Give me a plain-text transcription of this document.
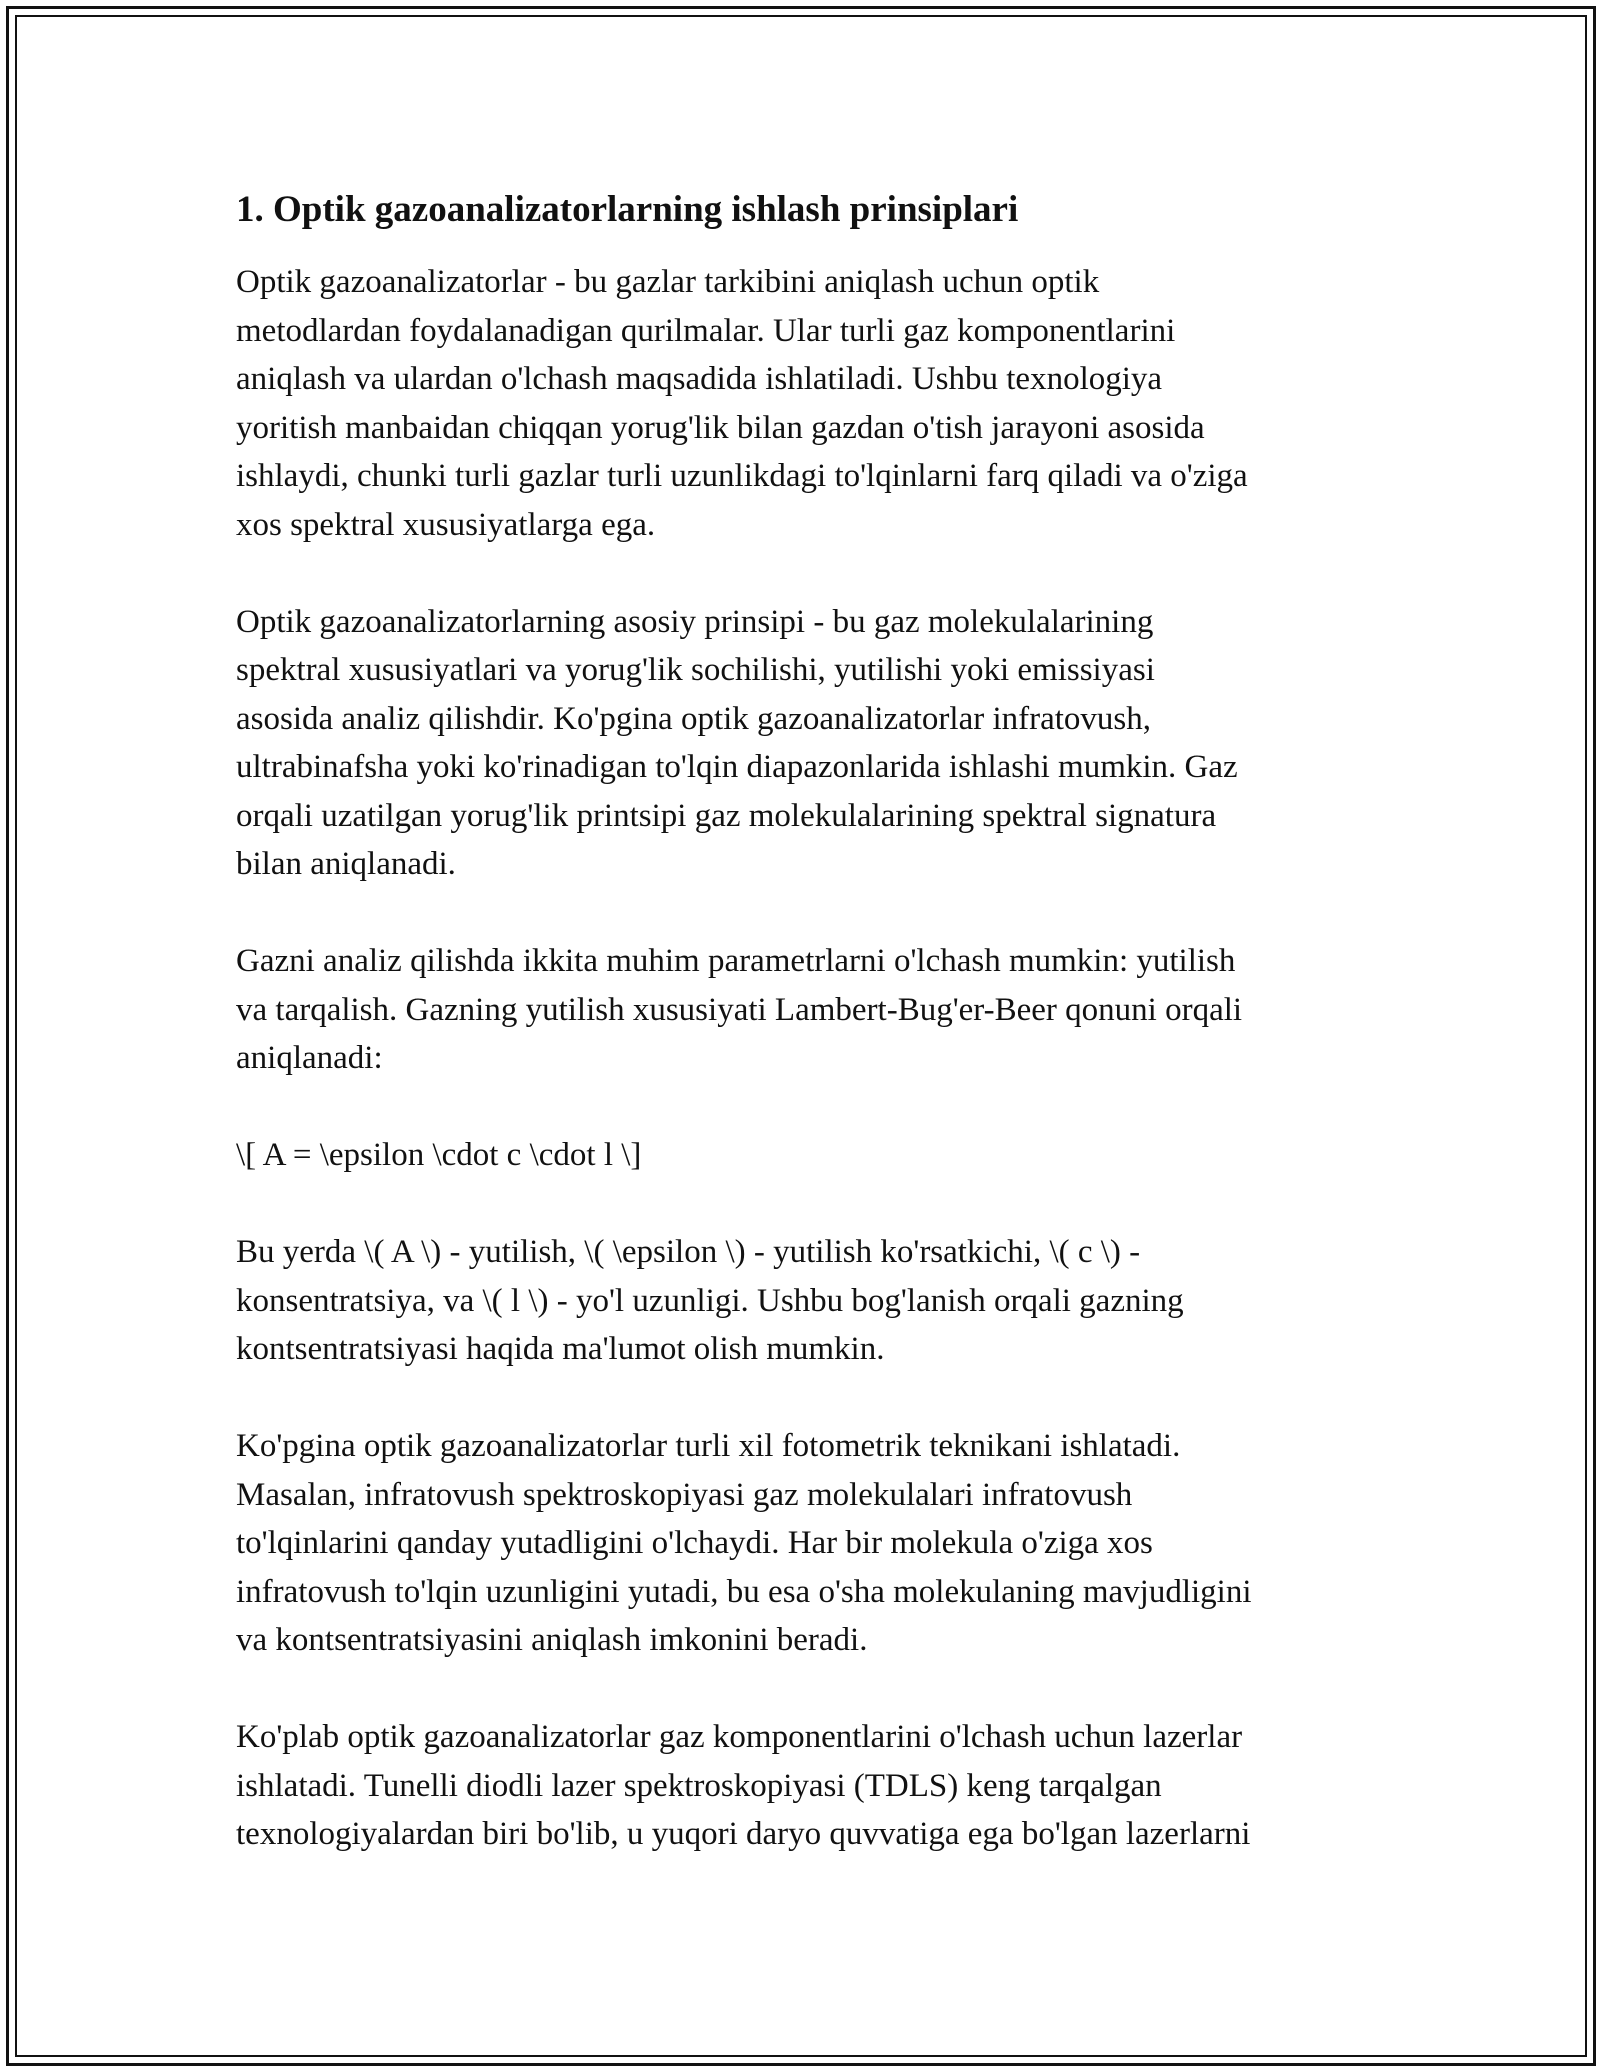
1. Optik gazoanalizatorlarning ishlash prinsiplari

Optik gazoanalizatorlar - bu gazlar tarkibini aniqlash uchun optik
metodlardan foydalanadigan qurilmalar. Ular turli gaz komponentlarini
aniqlash va ulardan o'lchash maqsadida ishlatiladi. Ushbu texnologiya
yoritish manbaidan chiqqan yorug'lik bilan gazdan o'tish jarayoni asosida
ishlaydi, chunki turli gazlar turli uzunlikdagi to'lqinlarni farq qiladi va o'ziga
xos spektral xususiyatlarga ega.

Optik gazoanalizatorlarning asosiy prinsipi - bu gaz molekulalarining
spektral xususiyatlari va yorug'lik sochilishi, yutilishi yoki emissiyasi
asosida analiz qilishdir. Ko'pgina optik gazoanalizatorlar infratovush,
ultrabinafsha yoki ko'rinadigan to'lqin diapazonlarida ishlashi mumkin. Gaz
orqali uzatilgan yorug'lik printsipi gaz molekulalarining spektral signatura
bilan aniqlanadi.

Gazni analiz qilishda ikkita muhim parametrlarni o'lchash mumkin: yutilish
va tarqalish. Gazning yutilish xususiyati Lambert-Bug'er-Beer qonuni orqali
aniqlanadi:

\[ A = \epsilon \cdot c \cdot l \]

Bu yerda \( A \) - yutilish, \( \epsilon \) - yutilish ko'rsatkichi, \( c \) -
konsentratsiya, va \( l \) - yo'l uzunligi. Ushbu bog'lanish orqali gazning
kontsentratsiyasi haqida ma'lumot olish mumkin.

Ko'pgina optik gazoanalizatorlar turli xil fotometrik teknikani ishlatadi.
Masalan, infratovush spektroskopiyasi gaz molekulalari infratovush
to'lqinlarini qanday yutadligini o'lchaydi. Har bir molekula o'ziga xos
infratovush to'lqin uzunligini yutadi, bu esa o'sha molekulaning mavjudligini
va kontsentratsiyasini aniqlash imkonini beradi.

Ko'plab optik gazoanalizatorlar gaz komponentlarini o'lchash uchun lazerlar
ishlatadi. Tunelli diodli lazer spektroskopiyasi (TDLS) keng tarqalgan
texnologiyalardan biri bo'lib, u yuqori daryo quvvatiga ega bo'lgan lazerlarni
